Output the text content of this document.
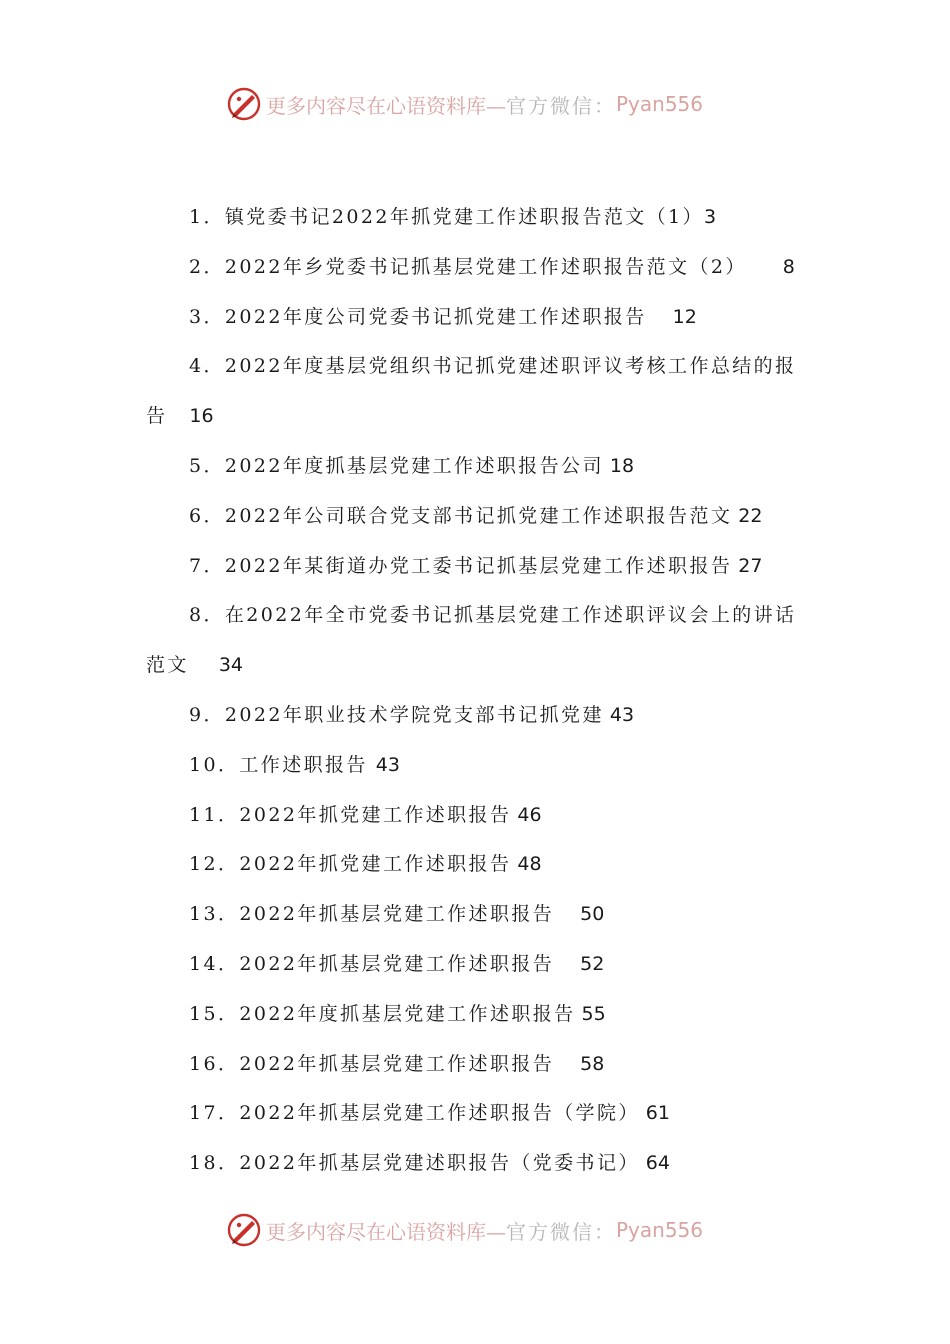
更多内容尽在心语资料库— 官方微信： Pyan556

1．镇党委书记2022年抓党建工作述职报告范文（1）3

2．2022年乡党委书记抓基层党建工作述职报告范文（2） 8

3．2022年度公司党委书记抓党建工作述职报告 12

4．2022年度基层党组织书记抓党建述职评议考核工作总结的报告 16

5．2022年度抓基层党建工作述职报告公司 18

6．2022年公司联合党支部书记抓党建工作述职报告范文 22

7．2022年某街道办党工委书记抓基层党建工作述职报告 27

8．在2022年全市党委书记抓基层党建工作述职评议会上的讲话范文 34

9．2022年职业技术学院党支部书记抓党建 43

10．工作述职报告 43

11．2022年抓党建工作述职报告 46

12．2022年抓党建工作述职报告 48

13．2022年抓基层党建工作述职报告 50

14．2022年抓基层党建工作述职报告 52

15．2022年度抓基层党建工作述职报告 55

16．2022年抓基层党建工作述职报告 58

17．2022年抓基层党建工作述职报告（学院） 61

18．2022年抓基层党建述职报告（党委书记） 64

更多内容尽在心语资料库— 官方微信： Pyan556
